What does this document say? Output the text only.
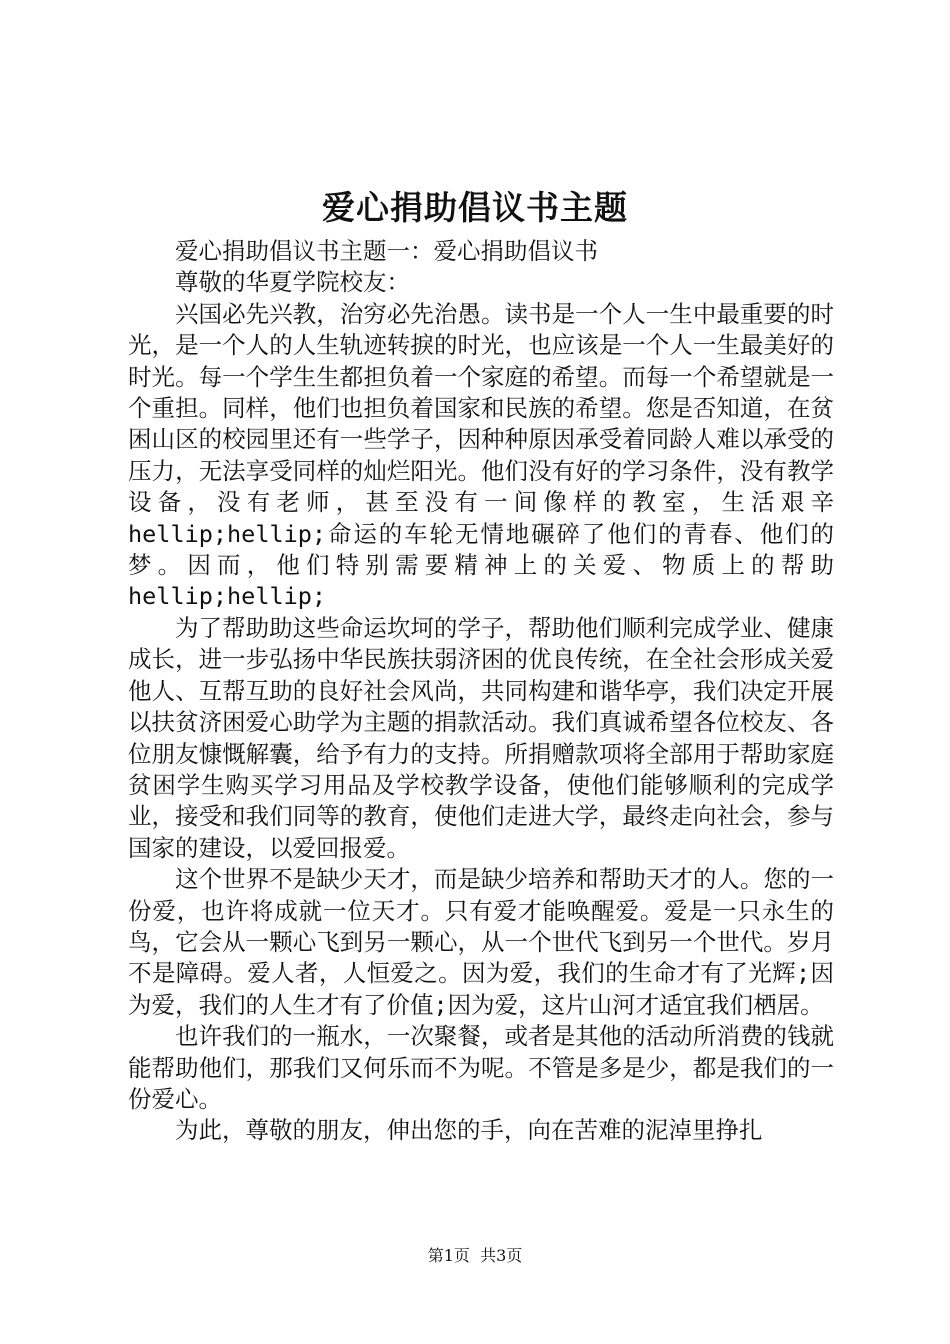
爱心捐助倡议书主题

爱心捐助倡议书主题一：爱心捐助倡议书

尊敬的华夏学院校友：

兴国必先兴教，治穷必先治愚。读书是一个人一生中最重要的时光，是一个人的人生轨迹转捩的时光，也应该是一个人一生最美好的时光。每一个学生生都担负着一个家庭的希望。而每一个希望就是一个重担。同样，他们也担负着国家和民族的希望。您是否知道，在贫困山区的校园里还有一些学子，因种种原因承受着同龄人难以承受的压力，无法享受同样的灿烂阳光。他们没有好的学习条件，没有教学设备，没有老师，甚至没有一间像样的教室，生活艰辛hellip;hellip;命运的车轮无情地碾碎了他们的青春、他们的梦。因而，他们特别需要精神上的关爱、物质上的帮助hellip;hellip;

为了帮助助这些命运坎坷的学子，帮助他们顺利完成学业、健康成长，进一步弘扬中华民族扶弱济困的优良传统，在全社会形成关爱他人、互帮互助的良好社会风尚，共同构建和谐华亭，我们决定开展以扶贫济困爱心助学为主题的捐款活动。我们真诚希望各位校友、各位朋友慷慨解囊，给予有力的支持。所捐赠款项将全部用于帮助家庭贫困学生购买学习用品及学校教学设备，使他们能够顺利的完成学业，接受和我们同等的教育，使他们走进大学，最终走向社会，参与国家的建设，以爱回报爱。

这个世界不是缺少天才，而是缺少培养和帮助天才的人。您的一份爱，也许将成就一位天才。只有爱才能唤醒爱。爱是一只永生的鸟，它会从一颗心飞到另一颗心，从一个世代飞到另一个世代。岁月不是障碍。爱人者，人恒爱之。因为爱，我们的生命才有了光辉;因为爱，我们的人生才有了价值;因为爱，这片山河才适宜我们栖居。

也许我们的一瓶水，一次聚餐，或者是其他的活动所消费的钱就能帮助他们，那我们又何乐而不为呢。不管是多是少，都是我们的一份爱心。

为此，尊敬的朋友，伸出您的手，向在苦难的泥淖里挣扎

第1页  共3页
